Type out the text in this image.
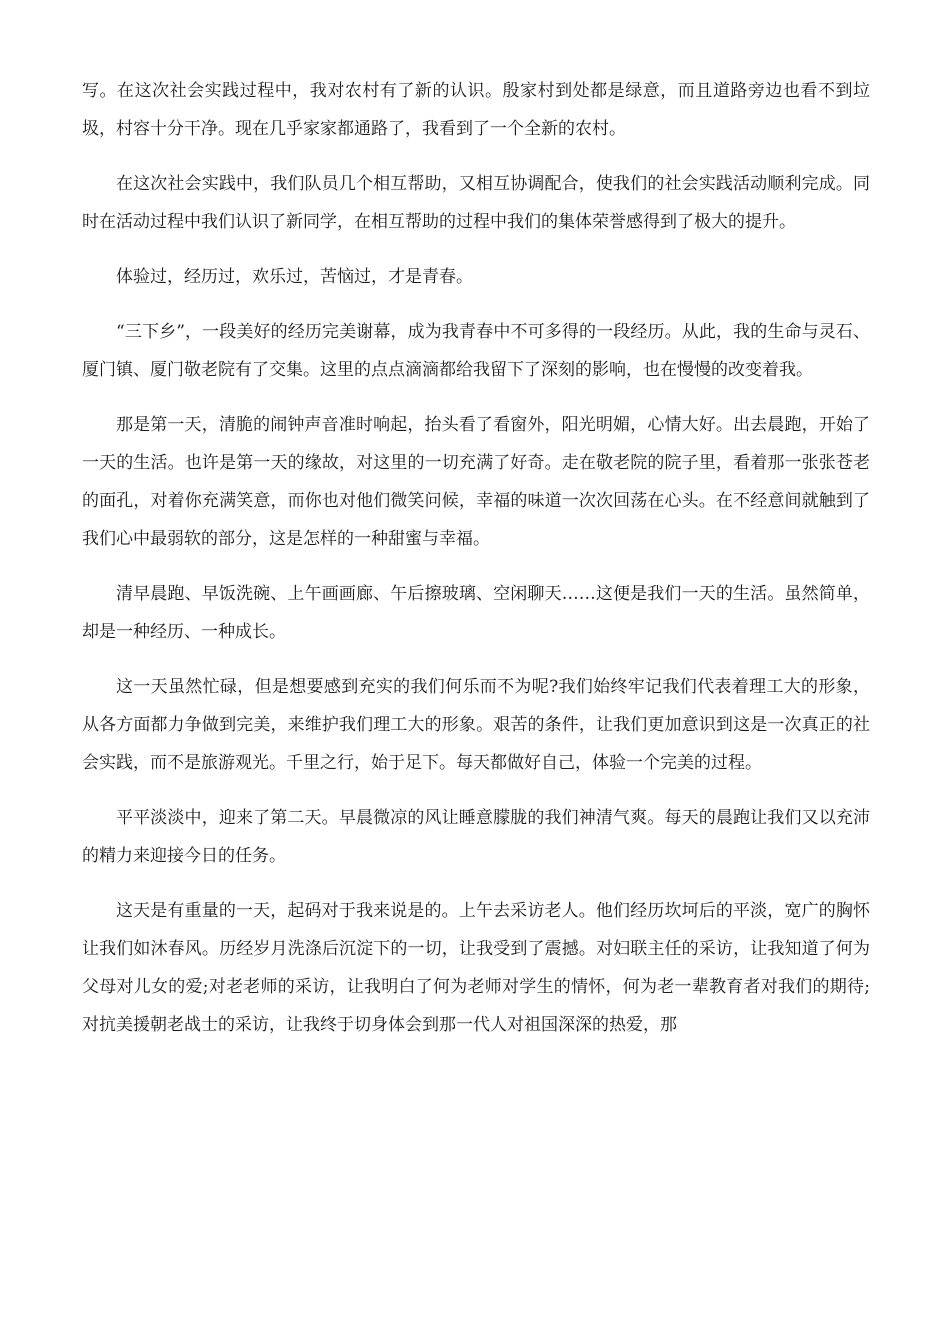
写。在这次社会实践过程中，我对农村有了新的认识。殷家村到处都是绿意，而且道路旁边也看不到垃圾，村容十分干净。现在几乎家家都通路了，我看到了一个全新的农村。

在这次社会实践中，我们队员几个相互帮助，又相互协调配合，使我们的社会实践活动顺利完成。同时在活动过程中我们认识了新同学，在相互帮助的过程中我们的集体荣誉感得到了极大的提升。

体验过，经历过，欢乐过，苦恼过，才是青春。

“三下乡”，一段美好的经历完美谢幕，成为我青春中不可多得的一段经历。从此，我的生命与灵石、厦门镇、厦门敬老院有了交集。这里的点点滴滴都给我留下了深刻的影响，也在慢慢的改变着我。

那是第一天，清脆的闹钟声音准时响起，抬头看了看窗外，阳光明媚，心情大好。出去晨跑，开始了一天的生活。也许是第一天的缘故，对这里的一切充满了好奇。走在敬老院的院子里，看着那一张张苍老的面孔，对着你充满笑意，而你也对他们微笑问候，幸福的味道一次次回荡在心头。在不经意间就触到了我们心中最弱软的部分，这是怎样的一种甜蜜与幸福。

清早晨跑、早饭洗碗、上午画画廊、午后擦玻璃、空闲聊天……这便是我们一天的生活。虽然简单，却是一种经历、一种成长。

这一天虽然忙碌，但是想要感到充实的我们何乐而不为呢?我们始终牢记我们代表着理工大的形象，从各方面都力争做到完美，来维护我们理工大的形象。艰苦的条件，让我们更加意识到这是一次真正的社会实践，而不是旅游观光。千里之行，始于足下。每天都做好自己，体验一个完美的过程。

平平淡淡中，迎来了第二天。早晨微凉的风让睡意朦胧的我们神清气爽。每天的晨跑让我们又以充沛的精力来迎接今日的任务。

这天是有重量的一天，起码对于我来说是的。上午去采访老人。他们经历坎坷后的平淡，宽广的胸怀让我们如沐春风。历经岁月洗涤后沉淀下的一切，让我受到了震撼。对妇联主任的采访，让我知道了何为父母对儿女的爱;对老老师的采访，让我明白了何为老师对学生的情怀，何为老一辈教育者对我们的期待;对抗美援朝老战士的采访，让我终于切身体会到那一代人对祖国深深的热爱，那
